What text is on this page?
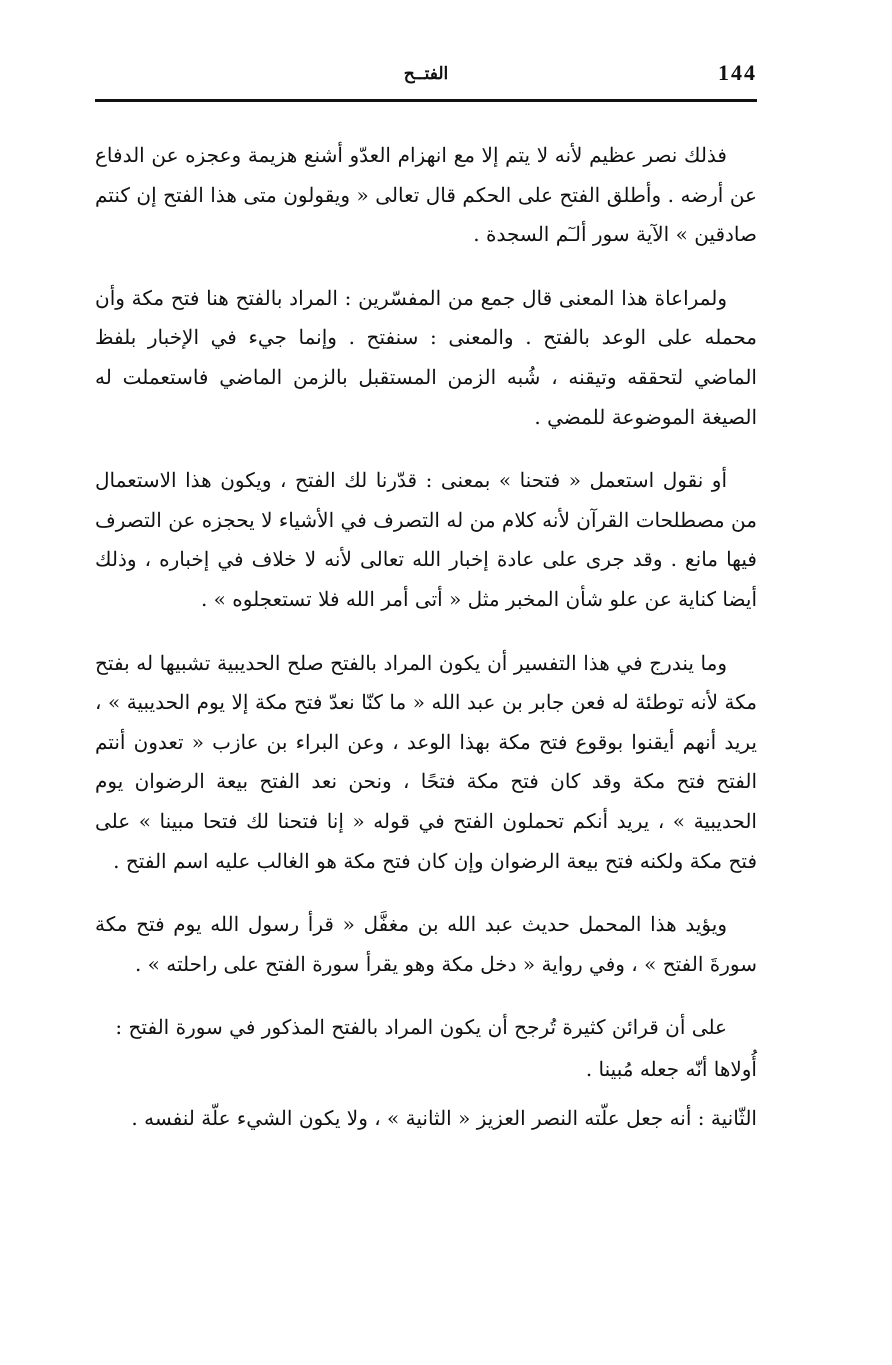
144
الفتــح

فذلك نصر عظيم لأنه لا يتم إلا مع انهزام العدّو أشنع هزيمة وعجزه عن الدفاع عن أرضه . وأطلق الفتح على الحكم قال تعالى « ويقولون متى هذا الفتح إن كنتم صادقين » الآية سور ألـٓم السجدة .

ولمراعاة هذا المعنى قال جمع من المفسّرين : المراد بالفتح هنا فتح مكة وأن محمله على الوعد بالفتح . والمعنى : سنفتح . وإنما جيء في الإخبار بلفظ الماضي لتحققه وتيقنه ، شُبه الزمن المستقبل بالزمن الماضي فاستعملت له الصيغة الموضوعة للمضي .

أو نقول استعمل « فتحنا » بمعنى : قدّرنا لك الفتح ، ويكون هذا الاستعمال من مصطلحات القرآن لأنه كلام من له التصرف في الأشياء لا يحجزه عن التصرف فيها مانع . وقد جرى على عادة إخبار الله تعالى لأنه لا خلاف في إخباره ، وذلك أيضا كناية عن علو شأن المخبر مثل « أتى أمر الله فلا تستعجلوه » .

وما يندرج في هذا التفسير أن يكون المراد بالفتح صلح الحديبية تشبيها له بفتح مكة لأنه توطئة له فعن جابر بن عبد الله « ما كنّا نعدّ فتح مكة إلا يوم الحديبية » ، يريد أنهم أيقنوا بوقوع فتح مكة بهذا الوعد ، وعن البراء بن عازب « تعدون أنتم الفتح فتح مكة وقد كان فتح مكة فتحًا ، ونحن نعد الفتح بيعة الرضوان يوم الحديبية » ، يريد أنكم تحملون الفتح في قوله « إنا فتحنا لك فتحا مبينا » على فتح مكة ولكنه فتح بيعة الرضوان وإن كان فتح مكة هو الغالب عليه اسم الفتح .

ويؤيد هذا المحمل حديث عبد الله بن مغفَّل « قرأ رسول الله يوم فتح مكة سورةَ الفتح » ، وفي رواية « دخل مكة وهو يقرأ سورة الفتح على راحلته » .

على أن قرائن كثيرة تُرجح أن يكون المراد بالفتح المذكور في سورة الفتح :

أُولاها أنّه جعله مُبينا .

الثّانية : أنه جعل علّته النصر العزيز « الثانية » ، ولا يكون الشيء علّة لنفسه .
